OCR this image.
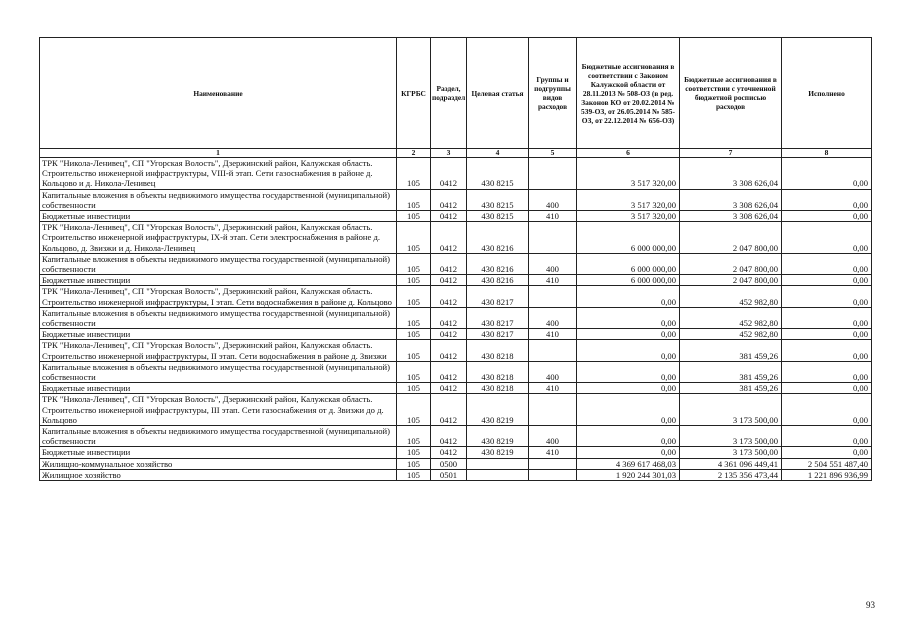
Наименование	КГРБС	Раздел, подраздел	Целевая статья	Группы и подгруппы видов расходов	Бюджетные ассигнования в соответствии с Законом Калужской области от 28.11.2013 № 508-ОЗ (в ред. Законов КО от 20.02.2014 № 539-ОЗ, от 26.05.2014 № 585-ОЗ, от 22.12.2014 № 656-ОЗ)	Бюджетные ассигнования в соответствии с уточненной бюджетной росписью расходов	Исполнено
1	2	3	4	5	6	7	8
ТРК "Никола-Ленивец", СП "Угорская Волость", Дзержинский район, Калужская область. Строительство инженерной инфраструктуры, VIII-й этап. Сети газоснабжения в районе д. Кольцово и д. Никола-Ленивец	105	0412	430 8215		3 517 320,00	3 308 626,04	0,00
Капитальные вложения в объекты недвижимого имущества государственной (муниципальной) собственности	105	0412	430 8215	400	3 517 320,00	3 308 626,04	0,00
Бюджетные инвестиции	105	0412	430 8215	410	3 517 320,00	3 308 626,04	0,00
ТРК "Никола-Ленивец", СП "Угорская Волость", Дзержинский район, Калужская область. Строительство инженерной инфраструктуры, IX-й этап. Сети электроснабжения в районе д. Кольцово, д. Звизжи и д. Никола-Ленивец	105	0412	430 8216		6 000 000,00	2 047 800,00	0,00
Капитальные вложения в объекты недвижимого имущества государственной (муниципальной) собственности	105	0412	430 8216	400	6 000 000,00	2 047 800,00	0,00
Бюджетные инвестиции	105	0412	430 8216	410	6 000 000,00	2 047 800,00	0,00
ТРК "Никола-Ленивец", СП "Угорская Волость", Дзержинский район, Калужская область. Строительство инженерной инфраструктуры, I этап. Сети водоснабжения в районе д. Кольцово	105	0412	430 8217		0,00	452 982,80	0,00
Капитальные вложения в объекты недвижимого имущества государственной (муниципальной) собственности	105	0412	430 8217	400	0,00	452 982,80	0,00
Бюджетные инвестиции	105	0412	430 8217	410	0,00	452 982,80	0,00
ТРК "Никола-Ленивец", СП "Угорская Волость", Дзержинский район, Калужская область. Строительство инженерной инфраструктуры, II этап. Сети водоснабжения в районе д. Звизжи	105	0412	430 8218		0,00	381 459,26	0,00
Капитальные вложения в объекты недвижимого имущества государственной (муниципальной) собственности	105	0412	430 8218	400	0,00	381 459,26	0,00
Бюджетные инвестиции	105	0412	430 8218	410	0,00	381 459,26	0,00
ТРК "Никола-Ленивец", СП "Угорская Волость", Дзержинский район, Калужская область. Строительство инженерной инфраструктуры, III этап. Сети газоснабжения от д. Звизжи до д. Кольцово	105	0412	430 8219		0,00	3 173 500,00	0,00
Капитальные вложения в объекты недвижимого имущества государственной (муниципальной) собственности	105	0412	430 8219	400	0,00	3 173 500,00	0,00
Бюджетные инвестиции	105	0412	430 8219	410	0,00	3 173 500,00	0,00
Жилищно-коммунальное хозяйство	105	0500			4 369 617 468,03	4 361 096 449,41	2 504 551 487,40
Жилищное хозяйство	105	0501			1 920 244 301,03	2 135 356 473,44	1 221 896 936,99
93
